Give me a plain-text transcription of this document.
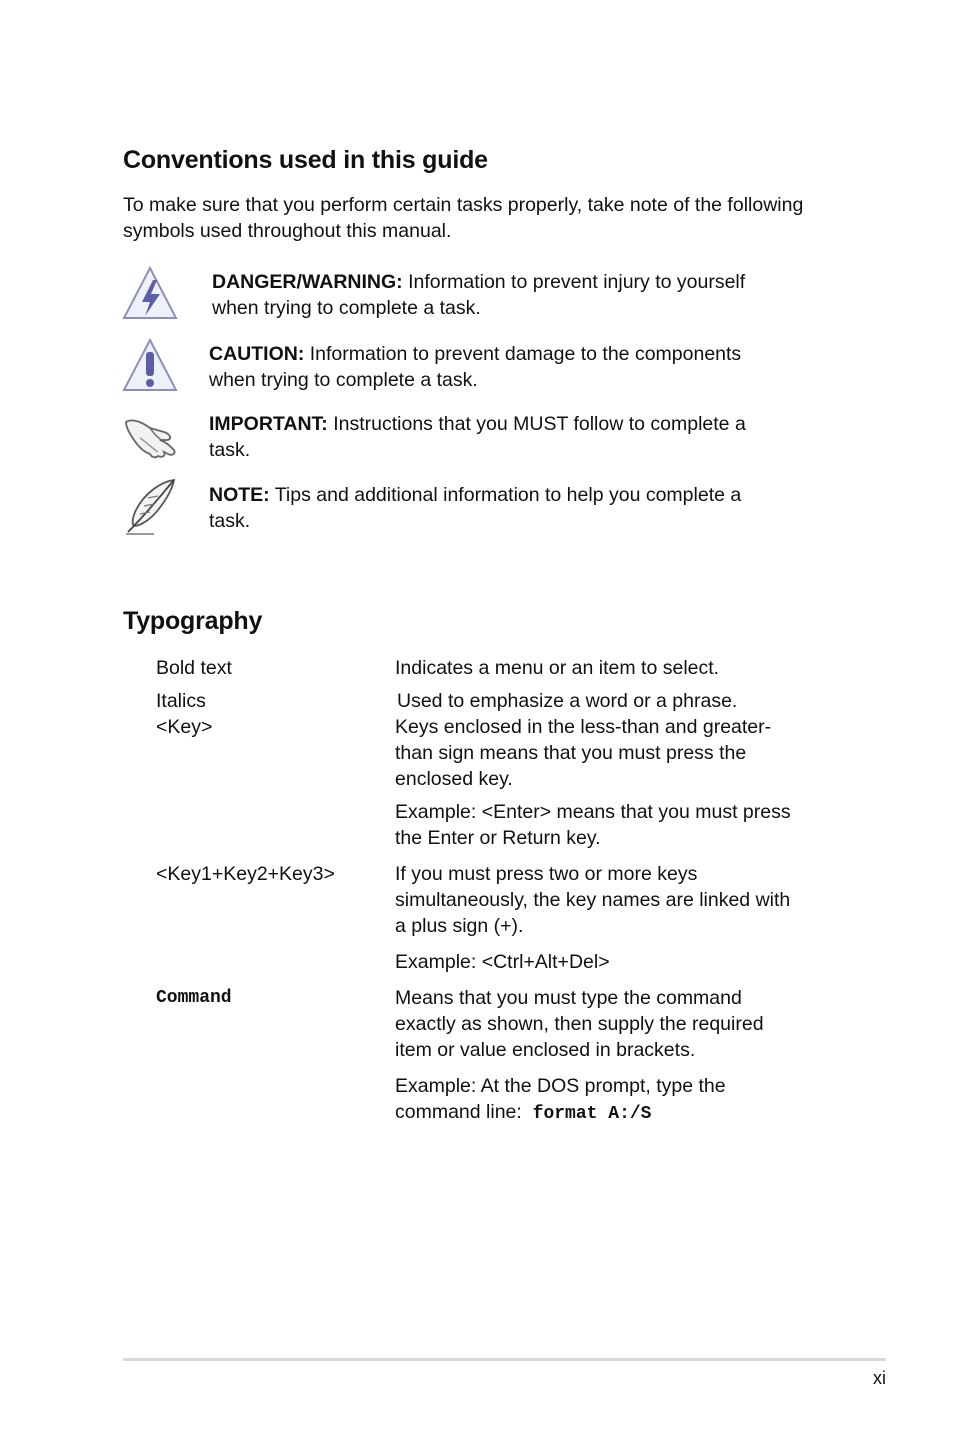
Conventions used in this guide
To make sure that you perform certain tasks properly, take note of the following
symbols used throughout this manual.
DANGER/WARNING: Information to prevent injury to yourself
when trying to complete a task.
CAUTION: Information to prevent damage to the components
when trying to complete a task.
IMPORTANT: Instructions that you MUST follow to complete a
task.
NOTE: Tips and additional information to help you complete a
task.
Typography
Bold text	Indicates a menu or an item to select.
Italics	Used to emphasize a word or a phrase.
<Key>	Keys enclosed in the less-than and greater-
than sign means that you must press the
enclosed key.
Example: <Enter> means that you must press
the Enter or Return key.
<Key1+Key2+Key3>	If you must press two or more keys
simultaneously, the key names are linked with
a plus sign (+).
Example: <Ctrl+Alt+Del>
Command	Means that you must type the command
exactly as shown, then supply the required
item or value enclosed in brackets.
Example: At the DOS prompt, type the
command line:  format A:/S
xi
